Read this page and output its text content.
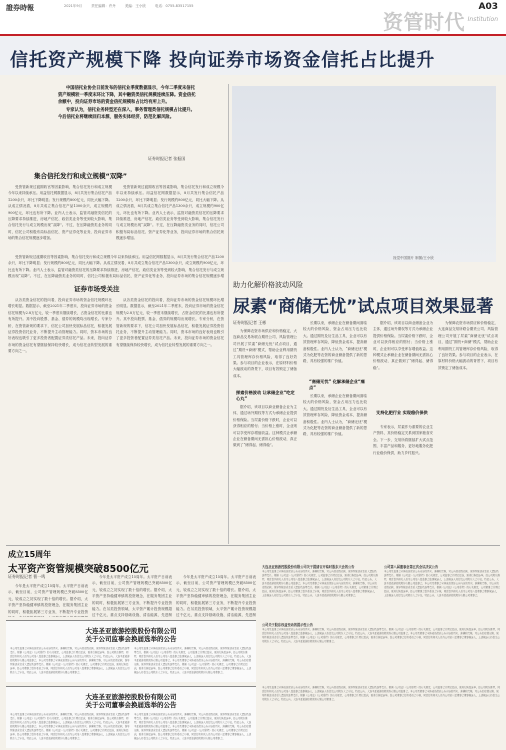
證券時報	2021年9月	责任编辑：许丹	美编：王小欣	电话：0755-83517155
资管时代
A03
Institution
信托资产规模下降 投向证券市场资金信托占比提升

中国信托业协会日前发布的信托业季度数据显示，今年二季度末信托资产规模较一季度末环比下降，其中融资类信托规模连续压降。资金信托余额中，投向证券市场的资金信托规模和占比均有所上升。

专家认为，信托业务转型还在深入，事务管理类信托规模占比提升。今后信托业将继续回归本源，服务实体经济，防范化解风险。

证券时报记者 张振国
视觉中国图片 制图/王小欣
集合信托发行和成立规模“双降”
受资管新规过渡期收官等因素影响，集合信托发行和成立规模今年以来持续承压。用益信托网数据显示，8月共发行集合信托产品1200余只，环比下降明显；发行规模约800亿元，同比大幅下降。从成立情况看，8月共成立集合信托产品1300余只，成立规模约900亿元，环比也有所下降。业内人士表示，监管对融资类信托的压降要求持续推进，房地产信托、政信类业务等受到较大影响，集合信托发行与成立规模出现“双降”。不过，在压降融资类业务的同时，信托公司积极布局标品信托、资产证券化等业务，投向证券市场的集合信托规模逐步增加。
受资管新规过渡期收官等因素影响，集合信托发行和成立规模今年以来持续承压。用益信托网数据显示，8月共发行集合信托产品1200余只，环比下降明显；发行规模约800亿元，同比大幅下降。从成立情况看，8月共成立集合信托产品1300余只，成立规模约900亿元，环比也有所下降。业内人士表示，监管对融资类信托的压降要求持续推进，房地产信托、政信类业务等受到较大影响，集合信托发行与成立规模出现“双降”。不过，在压降融资类业务的同时，信托公司积极布局标品信托、资产证券化等业务，投向证券市场的集合信托规模逐步增加。
受资管新规过渡期收官等因素影响，集合信托发行和成立规模今年以来持续承压。用益信托网数据显示，8月共发行集合信托产品1200余只，环比下降明显；发行规模约800亿元，同比大幅下降。从成立情况看，8月共成立集合信托产品1300余只，成立规模约900亿元，环比也有所下降。业内人士表示，监管对融资类信托的压降要求持续推进，房地产信托、政信类业务等受到较大影响，集合信托发行与成立规模出现“双降”。不过，在压降融资类业务的同时，信托公司积极布局标品信托、资产证券化等业务，投向证券市场的集合信托规模逐步增
证券市场受关注
从各类资金信托的投向看，投向证券市场的资金信托规模环比增长明显。数据显示，截至2021年二季度末，投向证券市场的资金信托规模为2.8万亿元，较一季度末继续增长，占资金信托的比重也有所提升。其中投向股票、基金、债券的规模均出现增长。专家分析，在资管新规的要求下，信托公司加快发展标品信托，积极发展证券投资信托业务，不断提升主动管理能力。同时，资本市场的良好表现也吸引了更多投资者配置证券类信托产品。未来，投向证券市场的资金信托有望继续保持较快增长，成为信托业转型发展的重要方向之一。
从各类资金信托的投向看，投向证券市场的资金信托规模环比增长明显。数据显示，截至2021年二季度末，投向证券市场的资金信托规模为2.8万亿元，较一季度末继续增长，占资金信托的比重也有所提升。其中投向股票、基金、债券的规模均出现增长。专家分析，在资管新规的要求下，信托公司加快发展标品信托，积极发展证券投资信托业务，不断提升主动管理能力。同时，资本市场的良好表现也吸引了更多投资者配置证券类信托产品。未来，投向证券市场的资金信托有望继续保持较快增长，成为信托业转型发展的重要方向之一。
助力化解价格波动风险
尿素“商储无忧”试点项目效果显著
证券时报记者 王彬
为保障农资市场供应和价格稳定，大连商品交易所联合期货公司、风险管理公司开展了尿素“商储无忧”试点项目，通过“期货+商储”模式，帮助企业利用期货工具管理库存价格风险，取得了良好效果。参与项目的企业表示，在原材料价格大幅波动的背景下，项目有效锁定了储备成本。
探索价格波动 让承储企业“吃定心丸”
据介绍，该项目以商业储备企业为主体，通过场外期权等方式为承储企业提供价格保险。当尿素价格下跌时，企业可以获得相应的赔付；当价格上涨时，企业则可以享受库存增值收益。这种模式让承储企业在储备期间无需担心价格波动，真正做到了“储得起、储得稳”。
长期以来，承储企业在储备期间面临较大的价格风险，资金占用压力也比较大。通过期货及衍生品工具，企业可以有效管理库存风险，降低资金成本，提高储备积极性。业内人士认为，“商储无忧”模式为化肥等农资的商业储备提供了新的思路，具有较强的推广价值。
“商储无忧” 化解承储企业“痛点”
长期以来，承储企业在储备期间面临较大的价格风险，资金占用压力也比较大。通过期货及衍生品工具，企业可以有效管理库存风险，降低资金成本，提高储备积极性。业内人士认为，“商储无忧”模式为化肥等农资的商业储备提供了新的思路，具有较强的推广价值。
据介绍，该项目以商业储备企业为主体，通过场外期权等方式为承储企业提供价格保险。当尿素价格下跌时，企业可以获得相应的赔付；当价格上涨时，企业则可以享受库存增值收益。这种模式让承储企业在储备期间无需担心价格波动，真正做到了“储得起、储得稳”。
支持化肥行业 实现稳价保供
专家表示，尿素作为重要的农业生产资料，其价格稳定关系到国家粮食安全。下一步，交易所将继续扩大试点范围，丰富产品和服务，更好地服务化肥行业稳价保供，助力乡村振兴。
为保障农资市场供应和价格稳定，大连商品交易所联合期货公司、风险管理公司开展了尿素“商储无忧”试点项目，通过“期货+商储”模式，帮助企业利用期货工具管理库存价格风险，取得了良好效果。参与项目的企业表示，在原材料价格大幅波动的背景下，项目有效锁定了储备成本。
成立15周年
太平资产资管规模突破8500亿元
证券时报记者 曹一鸣
今年是太平资产成立15周年。太平资产日前表示，截至目前，公司资产管理规模已突破8500亿元，较成立之初实现了数十倍的增长。据介绍，太平资产坚持稳健审慎的投资理念，在服务集团主业的同时，积极拓展第三方业务，不断提升专业投资
今年是太平资产成立15周年。太平资产日前表示，截至目前，公司资产管理规模已突破8500亿元，较成立之初实现了数十倍的增长。据介绍，太平资产坚持稳健审慎的投资理念，在服务集团主业的同时，积极拓展第三方业务，不断提升专业投资能力。在另类投资领域，太平资产累计投资规模超过千亿元，重点支持基础设施、清洁能源、先进制
今年是太平资产成立15周年。太平资产日前表示，截至目前，公司资产管理规模已突破8500亿元，较成立之初实现了数十倍的增长。据介绍，太平资产坚持稳健审慎的投资理念，在服务集团主业的同时，积极拓展第三方业务，不断提升专业投资能力。在另类投资领域，太平资产累计投资规模超过千亿元，重点支持基础设施、清洁能源、先进制
大连圣亚旅游控股股份有限公司关于提请召开临时股东大会的公告
本公司及监事会全体成员保证公告内容的真实、准确和完整，对公告的虚假记载、误导性陈述或者重大遗漏负连带责任。根据《公司法》《公司章程》的有关规定，公司监事会任期已届满，需进行换届选举。经公司股东推荐，同意提名相关人员为公司第八届监事会监事候选人，上述候选人将提交公司股东大会审议。特此公告。大连圣亚旅游控股股份有限公司监事会。本公司及董事会全体成员保证公告内容的真实、准确和完整，对公告的虚假记载、误导性陈述或者重大遗漏负连带责任。根据《公司法》《公司章程》的有关规定，公司董事会任期已届满，需进行换届选举。经公司董事会提名委员会审核，同意提名相关人员为公司第八届董事会董事候选人，上述候选人将提交公司股东大会审议。特此公告。大连圣亚旅游控股股份有限公司董事会。
公司第八届董事会第五次会议决议公告
本公司及监事会全体成员保证公告内容的真实、准确和完整，对公告的虚假记载、误导性陈述或者重大遗漏负连带责任。根据《公司法》《公司章程》的有关规定，公司监事会任期已届满，需进行换届选举。经公司股东推荐，同意提名相关人员为公司第八届监事会监事候选人，上述候选人将提交公司股东大会审议。特此公告。大连圣亚旅游控股股份有限公司监事会。本公司及董事会全体成员保证公告内容的真实、准确和完整，对公告的虚假记载、误导性陈述或者重大遗漏负连带责任。根据《公司法》《公司章程》的有关规定，公司董事会任期已届满，需进行换届选举。经公司董事会提名委员会审核，同意提名相关人员为公司第八届董事会董事候选人，上述候选人将提交公司股东大会审议。特此公告。大连圣亚旅游控股股份有限公司董事会。
大连圣亚旅游控股股份有限公司
关于公司监事会换届选举的公告
本公司及监事会全体成员保证公告内容的真实、准确和完整，对公告的虚假记载、误导性陈述或者重大遗漏负连带责任。根据《公司法》《公司章程》的有关规定，公司监事会任期已届满，需进行换届选举。经公司股东推荐，同意提名相关人员为公司第八届监事会监事候选人，上述候选人将提交公司股东大会审议。特此公告。大连圣亚旅游控股股份有限公司监事会。本公司及董事会全体成员保证公告内容的真实、准确和完整，对公告的虚假记载、误导性陈述或者重大遗漏负连带责任。根据《公司法》《公司章程》的有关规定，公司董事会任期已届满，需进行换届选举。经公司董事会提名委员会审核，同意提名相关人员为公司第八届董事会董事候选人，上述候选人将提交公司股东大会审议。特此公告。大连圣亚旅游控股股份有限公司董事会。
本公司及监事会全体成员保证公告内容的真实、准确和完整，对公告的虚假记载、误导性陈述或者重大遗漏负连带责任。根据《公司法》《公司章程》的有关规定，公司监事会任期已届满，需进行换届选举。经公司股东推荐，同意提名相关人员为公司第八届监事会监事候选人，上述候选人将提交公司股东大会审议。特此公告。大连圣亚旅游控股股份有限公司监事会。本公司及董事会全体成员保证公告内容的真实、准确和完整，对公告的虚假记载、误导性陈述或者重大遗漏负连带责任。根据《公司法》《公司章程》的有关规定，公司董事会任期已届满，需进行换届选举。经公司董事会提名委员会审核，同意提名相关人员为公司第八届董事会董事候选人，上述候选人将提交公司股东大会审议。特此公告。大连圣亚旅游控股股份有限公司董事会。
公司关于股东权益变动的提示性公告
本公司及监事会全体成员保证公告内容的真实、准确和完整，对公告的虚假记载、误导性陈述或者重大遗漏负连带责任。根据《公司法》《公司章程》的有关规定，公司监事会任期已届满，需进行换届选举。经公司股东推荐，同意提名相关人员为公司第八届监事会监事候选人，上述候选人将提交公司股东大会审议。特此公告。大连圣亚旅游控股股份有限公司监事会。本公司及董事会全体成员保证公告内容的真实、准确和完整，对公告的虚假记载、误导性陈述或者重大遗漏负连带责任。根据《公司法》《公司章程》的有关规定，公司董事会任期已届满，需进行换届选举。经公司董事会提名委员会审核，同意提名相关人员为公司第八届董事会董事候选人，上述候选人将提交公司股东大会审议。特此公告。大连圣亚旅游控股股份有限公司董事会。
大连圣亚旅游控股股份有限公司
关于公司董事会换届选举的公告
本公司及监事会全体成员保证公告内容的真实、准确和完整，对公告的虚假记载、误导性陈述或者重大遗漏负连带责任。根据《公司法》《公司章程》的有关规定，公司监事会任期已届满，需进行换届选举。经公司股东推荐，同意提名相关人员为公司第八届监事会监事候选人，上述候选人将提交公司股东大会审议。特此公告。大连圣亚旅游控股股份有限公司监事会。本公司及董事会全体成员保证公告内容的真实、准确和完整，对公告的虚假记载、误导性陈述或者重大遗漏负连带责任。根据《公司法》《公司章程》的有关规定，公司董事会任期已届满，需进行换届选举。经公司董事会提名委员会审核，同意提名相关人员为公司第八届董事会董事候选人，上述候选人将提交公司股东大会审议。特此公告。大连圣亚旅游控股股份有限公司董事会。
本公司及监事会全体成员保证公告内容的真实、准确和完整，对公告的虚假记载、误导性陈述或者重大遗漏负连带责任。根据《公司法》《公司章程》的有关规定，公司监事会任期已届满，需进行换届选举。经公司股东推荐，同意提名相关人员为公司第八届监事会监事候选人，上述候选人将提交公司股东大会审议。特此公告。大连圣亚旅游控股股份有限公司监事会。本公司及董事会全体成员保证公告内容的真实、准确和完整，对公告的虚假记载、误导性陈述或者重大遗漏负连带责任。根据《公司法》《公司章程》的有关规定，公司董事会任期已届满，需进行换届选举。经公司董事会提名委员会审核，同意提名相关人员为公司第八届董事会董事候选人，上述候选人将提交公司股东大会审议。特此公告。大连圣亚旅游控股股份有限公司董事会。
本公司及监事会全体成员保证公告内容的真实、准确和完整，对公告的虚假记载、误导性陈述或者重大遗漏负连带责任。根据《公司法》《公司章程》的有关规定，公司监事会任期已届满，需进行换届选举。经公司股东推荐，同意提名相关人员为公司第八届监事会监事候选人，上述候选人将提交公司股东大会审议。特此公告。大连圣亚旅游控股股份有限公司监事会。本公司及董事会全体成员保证公告内容的真实、准确和完整，对公告的虚假记载、误导性陈述或者重大遗漏负连带责任。根据《公司法》《公司章程》的有关规定，公司董事会任期已届满，需进行换届选举。经公司董事会提名委员会审核，同意提名相关人员为公司第八届董事会董事候选人，上述候选人将提交公司股东大会审议。特此公告。大连圣亚旅游控股股份有限公司董事会。
